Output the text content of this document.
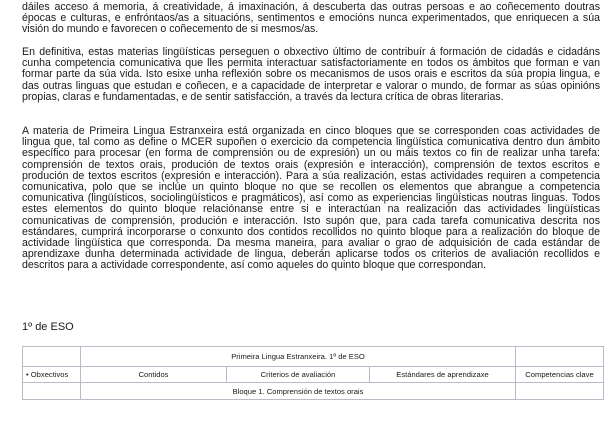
dáiles acceso á memoria, á creatividade, á imaxinación, á descuberta das outras persoas e ao coñecemento doutras épocas e culturas, e enfróntaos/as a situacións, sentimentos e emocións nunca experimentados, que enriquecen a súa visión do mundo e favorecen o coñecemento de si mesmos/as.

En definitiva, estas materias lingüísticas perseguen o obxectivo último de contribuír á formación de cidadás e cidadáns cunha competencia comunicativa que lles permita interactuar satisfactoriamente en todos os ámbitos que forman e van formar parte da súa vida. Isto esixe unha reflexión sobre os mecanismos de usos orais e escritos da súa propia lingua, e das outras linguas que estudan e coñecen, e a capacidade de interpretar e valorar o mundo, de formar as súas opinións propias, claras e fundamentadas, e de sentir satisfacción, a través da lectura crítica de obras literarias.

A materia de Primeira Lingua Estranxeira está organizada en cinco bloques que se corresponden coas actividades de lingua que, tal como as define o MCER supoñen o exercicio da competencia lingüística comunicativa dentro dun ámbito específico para procesar (en forma de comprensión ou de expresión) un ou máis textos co fin de realizar unha tarefa: comprensión de textos orais, produción de textos orais (expresión e interacción), comprensión de textos escritos e produción de textos escritos (expresión e interacción). Para a súa realización, estas actividades requiren a competencia comunicativa, polo que se inclúe un quinto bloque no que se recollen os elementos que abrangue a competencia comunicativa (lingüísticos, sociolingüísticos e pragmáticos), así como as experiencias lingüísticas noutras linguas. Todos estes elementos do quinto bloque relaciónanse entre si e interactúan na realización das actividades lingüísticas comunicativas de comprensión, produción e interacción. Isto supón que, para cada tarefa comunicativa descrita nos estándares, cumprirá incorporarse o conxunto dos contidos recollidos no quinto bloque para a realización do bloque de actividade lingüística que corresponda. Da mesma maneira, para avaliar o grao de adquisición de cada estándar de aprendizaxe dunha determinada actividade de lingua, deberán aplicarse todos os criterios de avaliación recollidos e descritos para a actividade correspondente, así como aqueles do quinto bloque que correspondan.

1º de ESO

	Primeira Lingua Estranxeira. 1º de ESO			
• Obxectivos	Contidos	Criterios de avaliación	Estándares de aprendizaxe	Competencias clave
	Bloque 1. Comprensión de textos orais			
